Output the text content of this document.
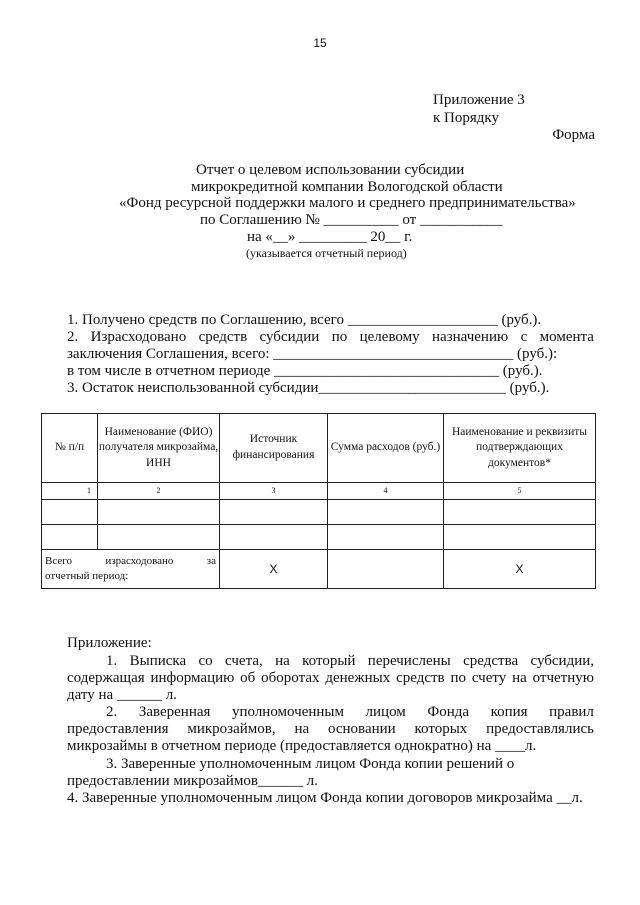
15
Приложение 3
к Порядку
Форма
Отчет о целевом использовании субсидии
микрокредитной компании Вологодской области
«Фонд ресурсной поддержки малого и среднего предпринимательства»
по Соглашению № __________ от ___________
на «__» _________ 20__ г.
(указывается отчетный период)
1. Получено средств по Соглашению, всего ____________________ (руб.).
2. Израсходовано средств субсидии по целевому назначению с момента
заключения Соглашения, всего: ________________________________ (руб.):
в том числе в отчетном периоде ______________________________ (руб.).
3. Остаток неиспользованной субсидии_________________________ (руб.).
№ п/п	Наименование (ФИО) получателя микрозайма, ИНН	Источник финансирования	Сумма расходов (руб.)	Наименование и реквизиты подтверждающих документов*
1	2	3	4	5

Всего израсходовано за
отчетный период:		X		X
Приложение:
1. Выписка со счета, на который перечислены средства субсидии,
содержащая информацию об оборотах денежных средств по счету на отчетную
дату на ______ л.
2. Заверенная уполномоченным лицом Фонда копия правил
предоставления микрозаймов, на основании которых предоставлялись
микрозаймы в отчетном периоде (предоставляется однократно) на ____л.
3. Заверенные уполномоченным лицом Фонда копии решений о
предоставлении микрозаймов______ л.
4. Заверенные уполномоченным лицом Фонда копии договоров микрозайма __л.
